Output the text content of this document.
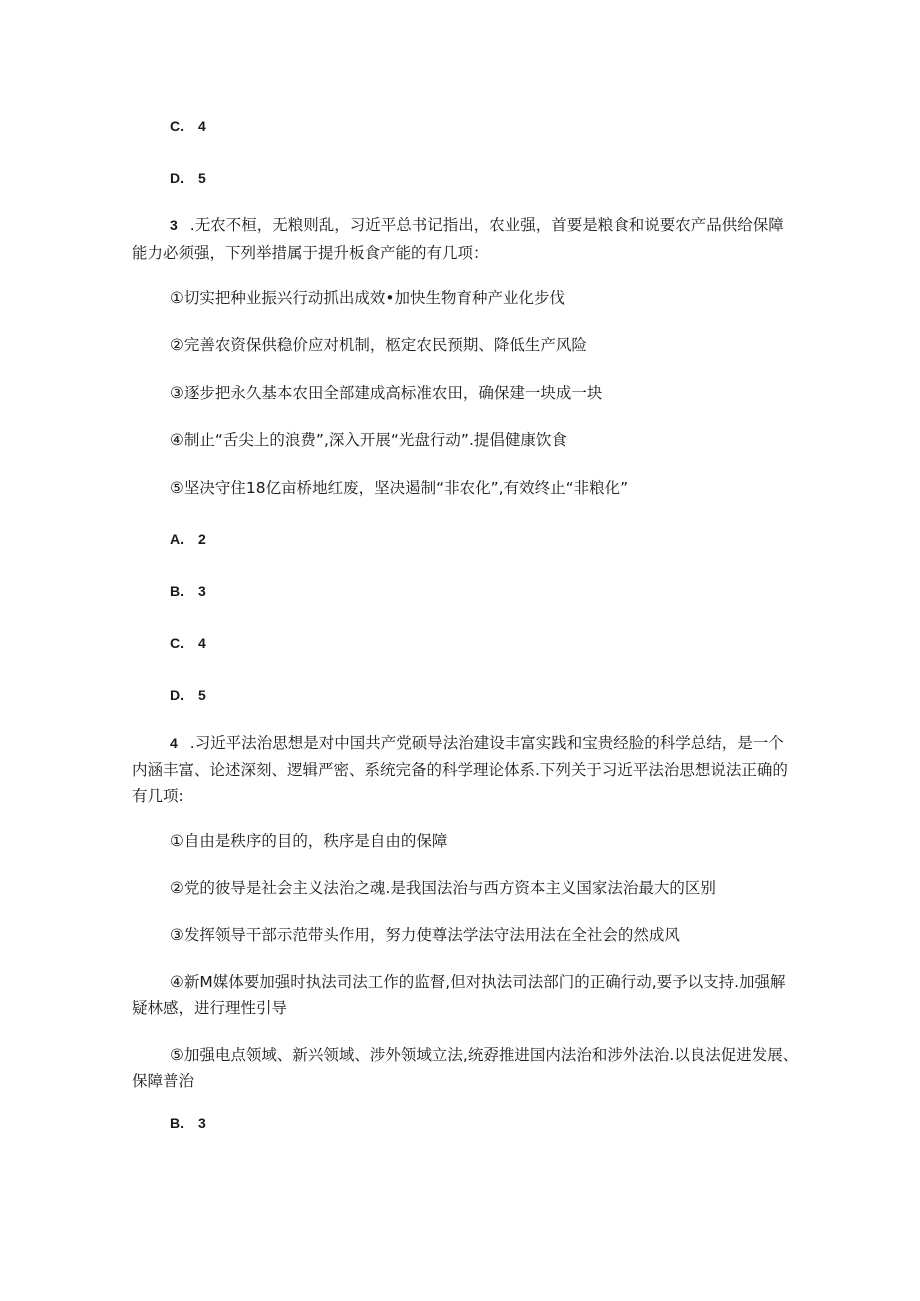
C. 4
D. 5
3 .无农不桓，无粮则乱，习近平总书记指出，农业强，首要是粮食和说要农产品供给保障
能力必须强，下列举措属于提升板食产能的有几项：
①切实把种业振兴行动抓出成效•加快生物育种产业化步伐
②完善农资保供稳价应对机制，柩定农民预期、降低生产风险
③逐步把永久基本农田全部建成高标准农田，确保建一块成一块
④制止“舌尖上的浪费”,深入开展“光盘行动”.提倡健康饮食
⑤坚决守住18亿亩桥地红废，坚决遏制“非农化”,有效终止“非粮化”
A. 2
B. 3
C. 4
D. 5
4 .习近平法治思想是对中国共产党硕导法治建设丰富实践和宝贵经脸的科学总结，是一个
内涵丰富、论述深刻、逻辑严密、系统完备的科学理论体系.下列关于习近平法治思想说法正确的
有几项:
①自由是秩序的目的，秩序是自由的保障
②党的彼导是社会主义法治之魂.是我国法治与西方资本主义国家法治最大的区别
③发挥领导干部示范带头作用，努力使尊法学法守法用法在全社会的然成风
④新M媒体要加强时执法司法工作的监督,但对执法司法部门的正确行动,要予以支持.加强解
疑林感，进行理性引导
⑤加强电点领域、新兴领域、涉外领域立法,统孬推进国内法治和涉外法治.以良法促进发展、
保障普治
B. 3
